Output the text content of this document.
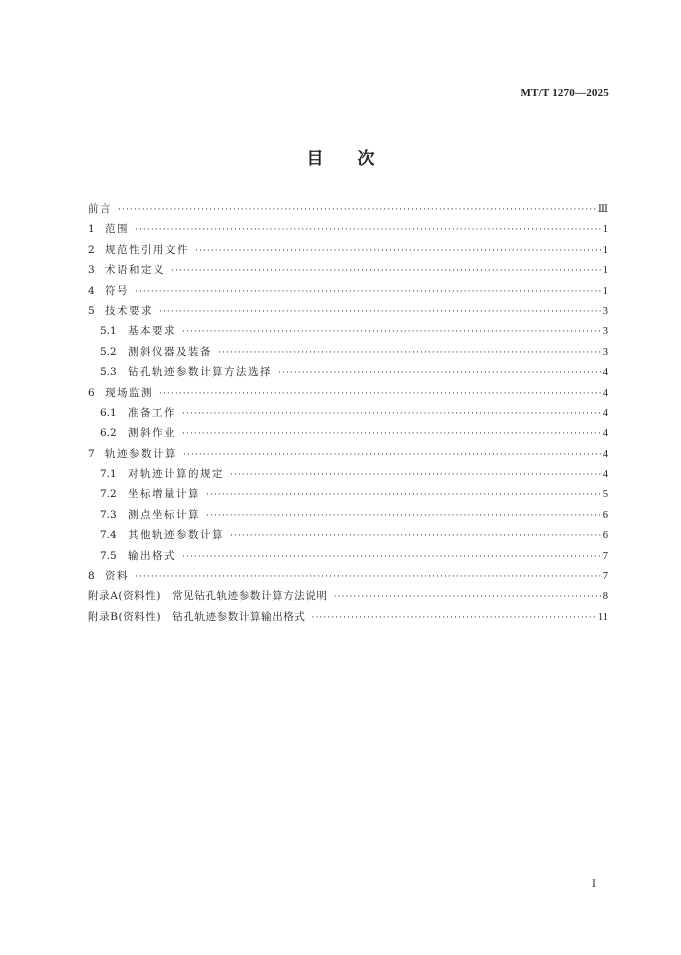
MT/T 1270—2025
目次
前言 ·····	Ⅲ
1 范围 ·····	1
2 规范性引用文件 ·····	1
3 术语和定义 ·····	1
4 符号 ·····	1
5 技术要求 ·····	3
5.1	基本要求 ·····	3
5.2	测斜仪器及装备 ·····	3
5.3	钻孔轨迹参数计算方法选择 ·····	4
6 现场监测 ·····	4
6.1	准备工作 ·····	4
6.2	测斜作业 ·····	4
7 轨迹参数计算 ·····	4
7.1	对轨迹计算的规定 ·····	4
7.2	坐标增量计算 ·····	5
7.3	测点坐标计算 ·····	6
7.4	其他轨迹参数计算 ·····	6
7.5	输出格式 ·····	7
8 资料 ·····	7
附录A(资料性)　常见钻孔轨迹参数计算方法说明 ·····	8
附录B(资料性)　钻孔轨迹参数计算输出格式 ·····	11
Ⅰ
